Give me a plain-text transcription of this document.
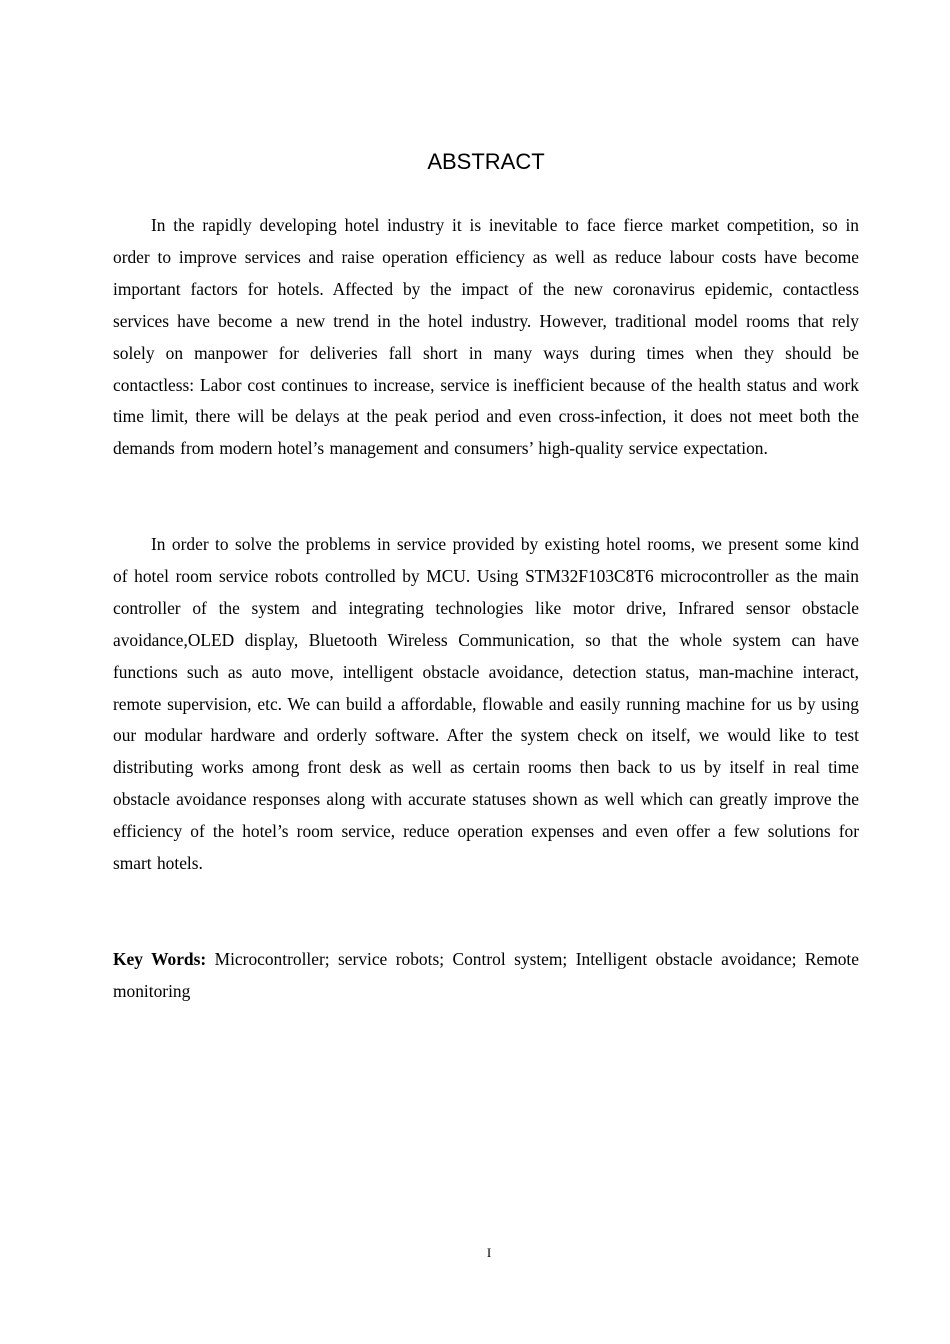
ABSTRACT

In the rapidly developing hotel industry it is inevitable to face fierce market competition, so in order to improve services and raise operation efficiency as well as reduce labour costs have become important factors for hotels. Affected by the impact of the new coronavirus epidemic, contactless services have become a new trend in the hotel industry. However, traditional model rooms that rely solely on manpower for deliveries fall short in many ways during times when they should be contactless: Labor cost continues to increase, service is inefficient because of the health status and work time limit, there will be delays at the peak period and even cross-infection, it does not meet both the demands from modern hotel’s management and consumers’ high-quality service expectation.

In order to solve the problems in service provided by existing hotel rooms, we present some kind of hotel room service robots controlled by MCU. Using STM32F103C8T6 microcontroller as the main controller of the system and integrating technologies like motor drive, Infrared sensor obstacle avoidance,OLED display, Bluetooth Wireless Communication, so that the whole system can have functions such as auto move, intelligent obstacle avoidance, detection status, man-machine interact, remote supervision, etc. We can build a affordable, flowable and easily running machine for us by using our modular hardware and orderly software. After the system check on itself, we would like to test distributing works among front desk as well as certain rooms then back to us by itself in real time obstacle avoidance responses along with accurate statuses shown as well which can greatly improve the efficiency of the hotel’s room service, reduce operation expenses and even offer a few solutions for smart hotels.

Key Words: Microcontroller; service robots; Control system; Intelligent obstacle avoidance; Remote monitoring

I
